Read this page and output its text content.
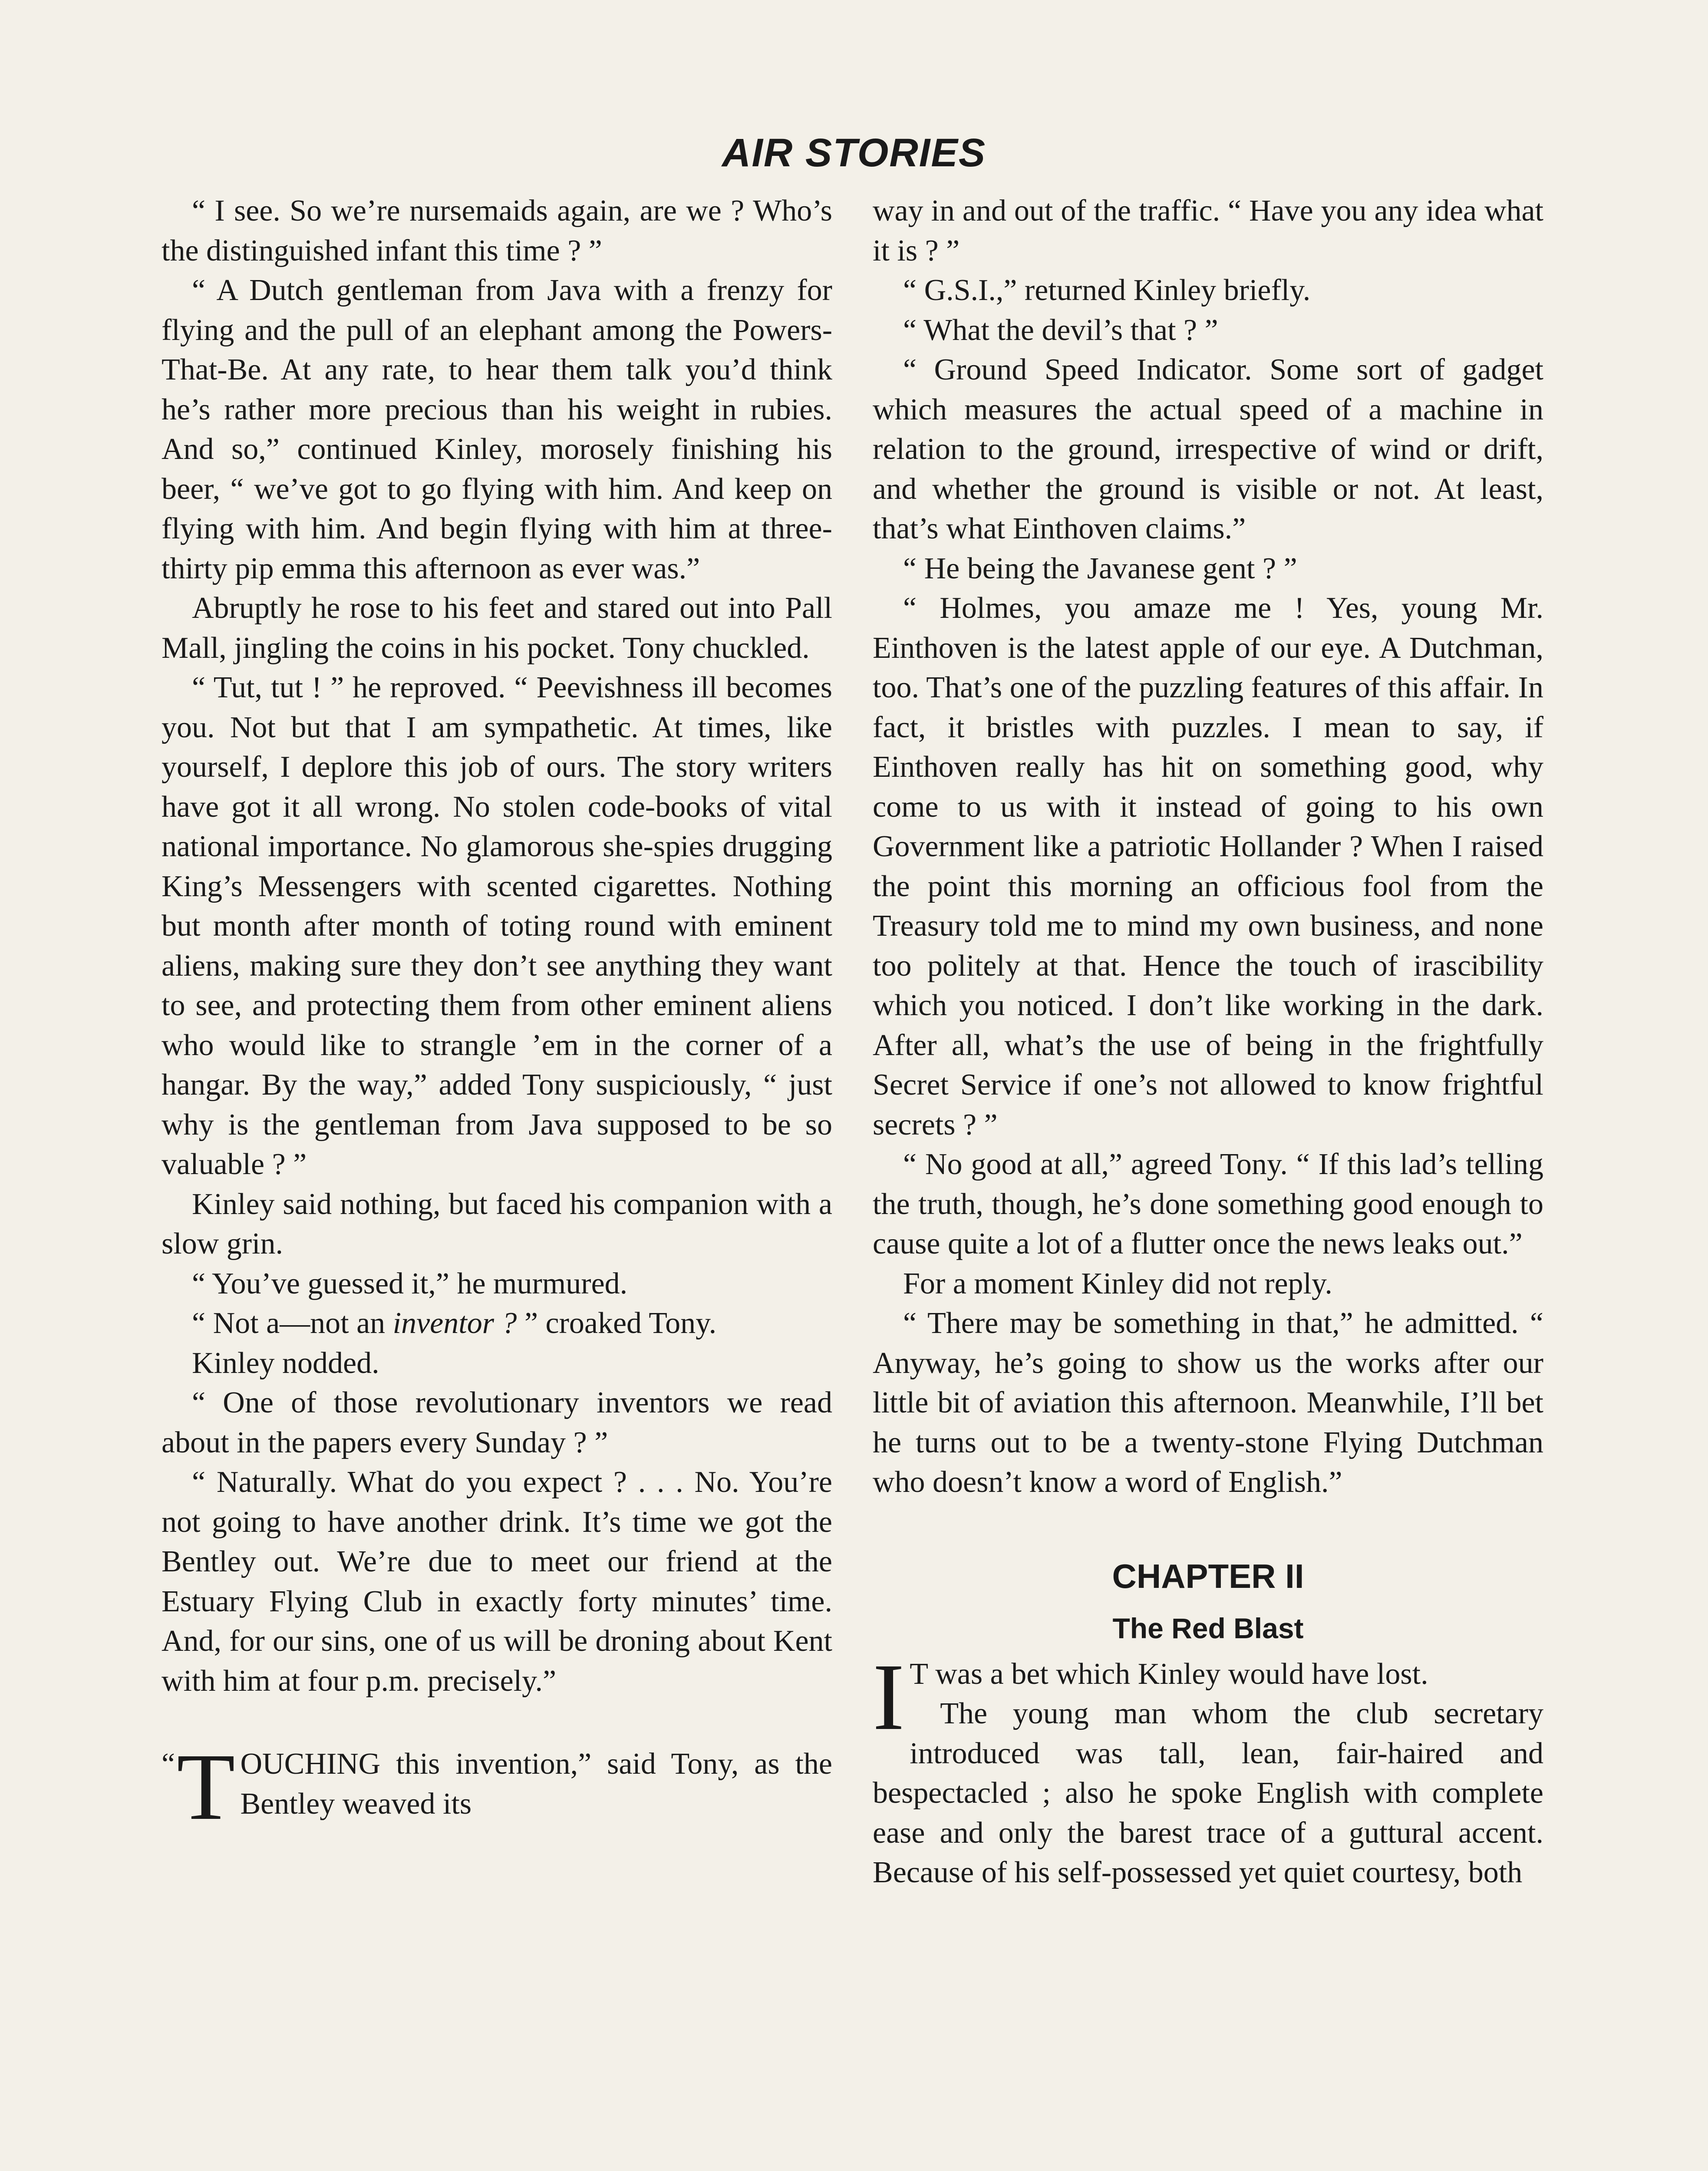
AIR STORIES

“ I see. So we’re nursemaids again, are we ? Who’s the distinguished infant this time ? ”

“ A Dutch gentleman from Java with a frenzy for flying and the pull of an elephant among the Powers-That-Be. At any rate, to hear them talk you’d think he’s rather more precious than his weight in rubies. And so,” continued Kinley, morosely finishing his beer, “ we’ve got to go flying with him. And keep on flying with him. And begin flying with him at three-thirty pip emma this afternoon as ever was.”

Abruptly he rose to his feet and stared out into Pall Mall, jingling the coins in his pocket. Tony chuckled.

“ Tut, tut ! ” he reproved. “ Peevishness ill becomes you. Not but that I am sympathetic. At times, like yourself, I deplore this job of ours. The story writers have got it all wrong. No stolen code-books of vital national importance. No glamorous she-spies drugging King’s Messengers with scented cigarettes. Nothing but month after month of toting round with eminent aliens, making sure they don’t see anything they want to see, and protecting them from other eminent aliens who would like to strangle ’em in the corner of a hangar. By the way,” added Tony suspiciously, “ just why is the gentleman from Java supposed to be so valuable ? ”

Kinley said nothing, but faced his companion with a slow grin.

“ You’ve guessed it,” he murmured.

“ Not a—not an inventor ? ” croaked Tony.

Kinley nodded.

“ One of those revolutionary inventors we read about in the papers every Sunday ? ”

“ Naturally. What do you expect ? . . . No. You’re not going to have another drink. It’s time we got the Bentley out. We’re due to meet our friend at the Estuary Flying Club in exactly forty minutes’ time. And, for our sins, one of us will be droning about Kent with him at four p.m. precisely.”

“ T OUCHING this invention,” said Tony, as the Bentley weaved its

way in and out of the traffic. “ Have you any idea what it is ? ”

“ G.S.I.,” returned Kinley briefly.

“ What the devil’s that ? ”

“ Ground Speed Indicator. Some sort of gadget which measures the actual speed of a machine in relation to the ground, irrespective of wind or drift, and whether the ground is visible or not. At least, that’s what Einthoven claims.”

“ He being the Javanese gent ? ”

“ Holmes, you amaze me ! Yes, young Mr. Einthoven is the latest apple of our eye. A Dutchman, too. That’s one of the puzzling features of this affair. In fact, it bristles with puzzles. I mean to say, if Einthoven really has hit on something good, why come to us with it instead of going to his own Government like a patriotic Hollander ? When I raised the point this morning an officious fool from the Treasury told me to mind my own business, and none too politely at that. Hence the touch of irascibility which you noticed. I don’t like working in the dark. After all, what’s the use of being in the frightfully Secret Service if one’s not allowed to know frightful secrets ? ”

“ No good at all,” agreed Tony. “ If this lad’s telling the truth, though, he’s done something good enough to cause quite a lot of a flutter once the news leaks out.”

For a moment Kinley did not reply.

“ There may be something in that,” he admitted. “ Anyway, he’s going to show us the works after our little bit of aviation this afternoon. Meanwhile, I’ll bet he turns out to be a twenty-stone Flying Dutchman who doesn’t know a word of English.”

CHAPTER II
The Red Blast

I T was a bet which Kinley would have lost.

The young man whom the club secretary introduced was tall, lean, fair-haired and bespectacled ; also he spoke English with complete ease and only the barest trace of a guttural accent. Because of his self-possessed yet quiet courtesy, both
